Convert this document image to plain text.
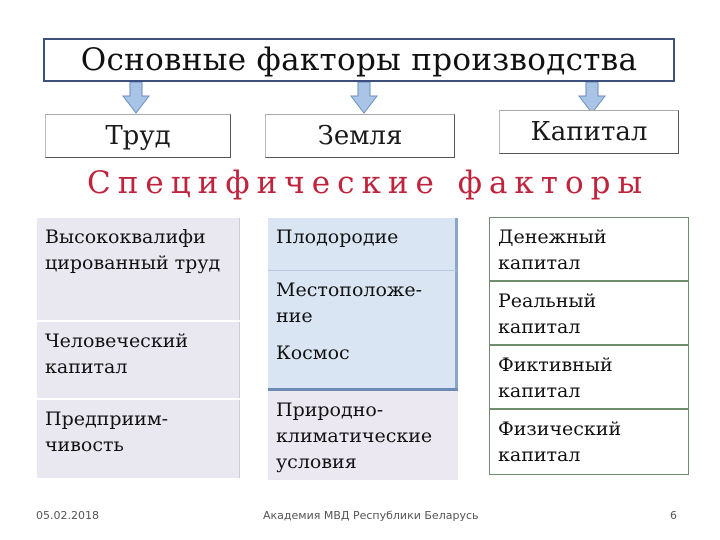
Основные факторы производства
Труд	Земля	Капитал
Специфические факторы
Высококвалифи цированный труд
Человеческий капитал
Предприим- чивость
Плодородие
Местоположе- ние
Космос
Природно- климатические условия
Денежный капитал
Реальный капитал
Фиктивный капитал
Физический капитал
05.02.2018	Академия МВД Республики Беларусь	6
